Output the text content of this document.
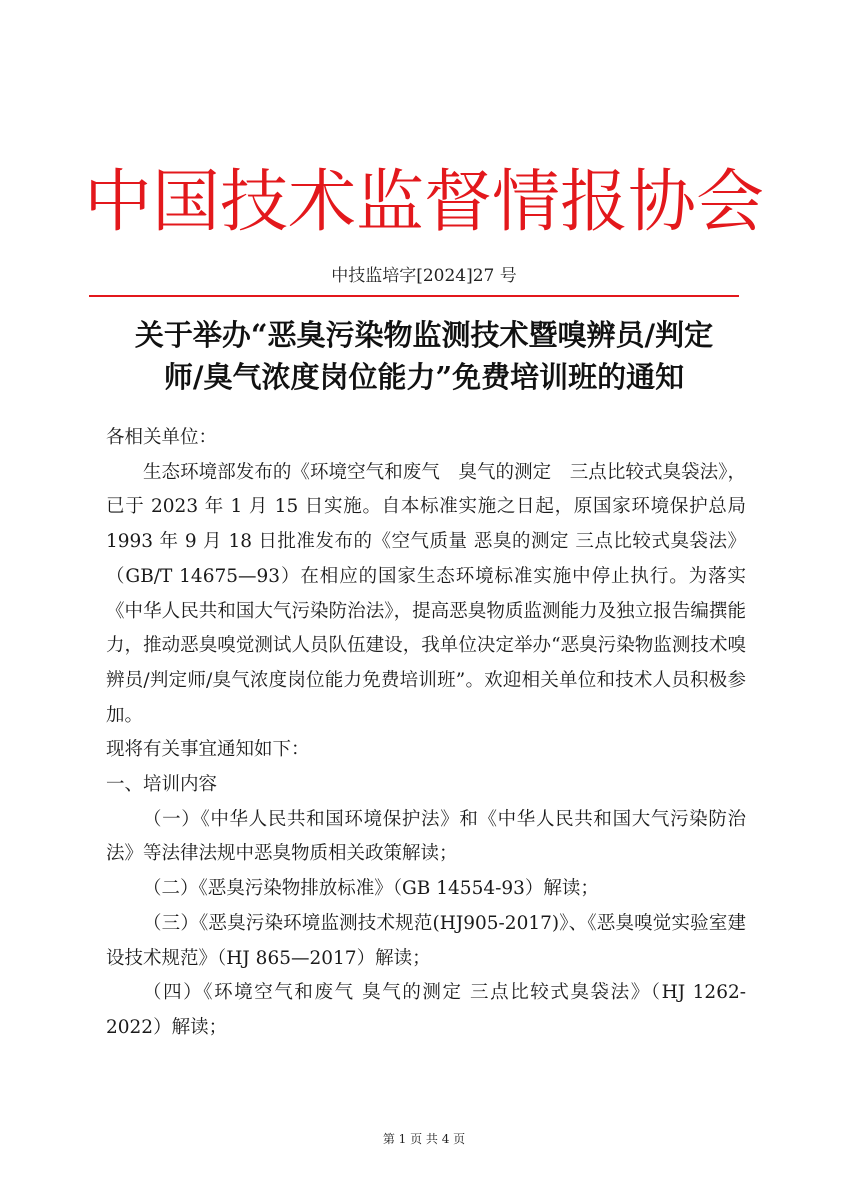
中国技术监督情报协会
中技监培字[2024]27 号
关于举办“恶臭污染物监测技术暨嗅辨员/判定
师/臭气浓度岗位能力”免费培训班的通知

各相关单位：

生态环境部发布的《环境空气和废气　臭气的测定　三点比较式臭袋法》，已于 2023 年 1 月 15 日实施。自本标准实施之日起，原国家环境保护总局 1993 年 9 月 18 日批准发布的《空气质量 恶臭的测定 三点比较式臭袋法》（GB/T 14675—93）在相应的国家生态环境标准实施中停止执行。为落实《中华人民共和国大气污染防治法》，提高恶臭物质监测能力及独立报告编撰能力，推动恶臭嗅觉测试人员队伍建设，我单位决定举办“恶臭污染物监测技术嗅辨员/判定师/臭气浓度岗位能力免费培训班”。欢迎相关单位和技术人员积极参加。

现将有关事宜通知如下：

一、培训内容

（一）《中华人民共和国环境保护法》和《中华人民共和国大气污染防治法》等法律法规中恶臭物质相关政策解读；

（二）《恶臭污染物排放标准》（GB 14554-93）解读；

（三）《恶臭污染环境监测技术规范(HJ905-2017)》、《恶臭嗅觉实验室建设技术规范》（HJ 865—2017）解读；

（四）《环境空气和废气 臭气的测定 三点比较式臭袋法》（HJ 1262-2022）解读；

第 1 页 共 4 页
